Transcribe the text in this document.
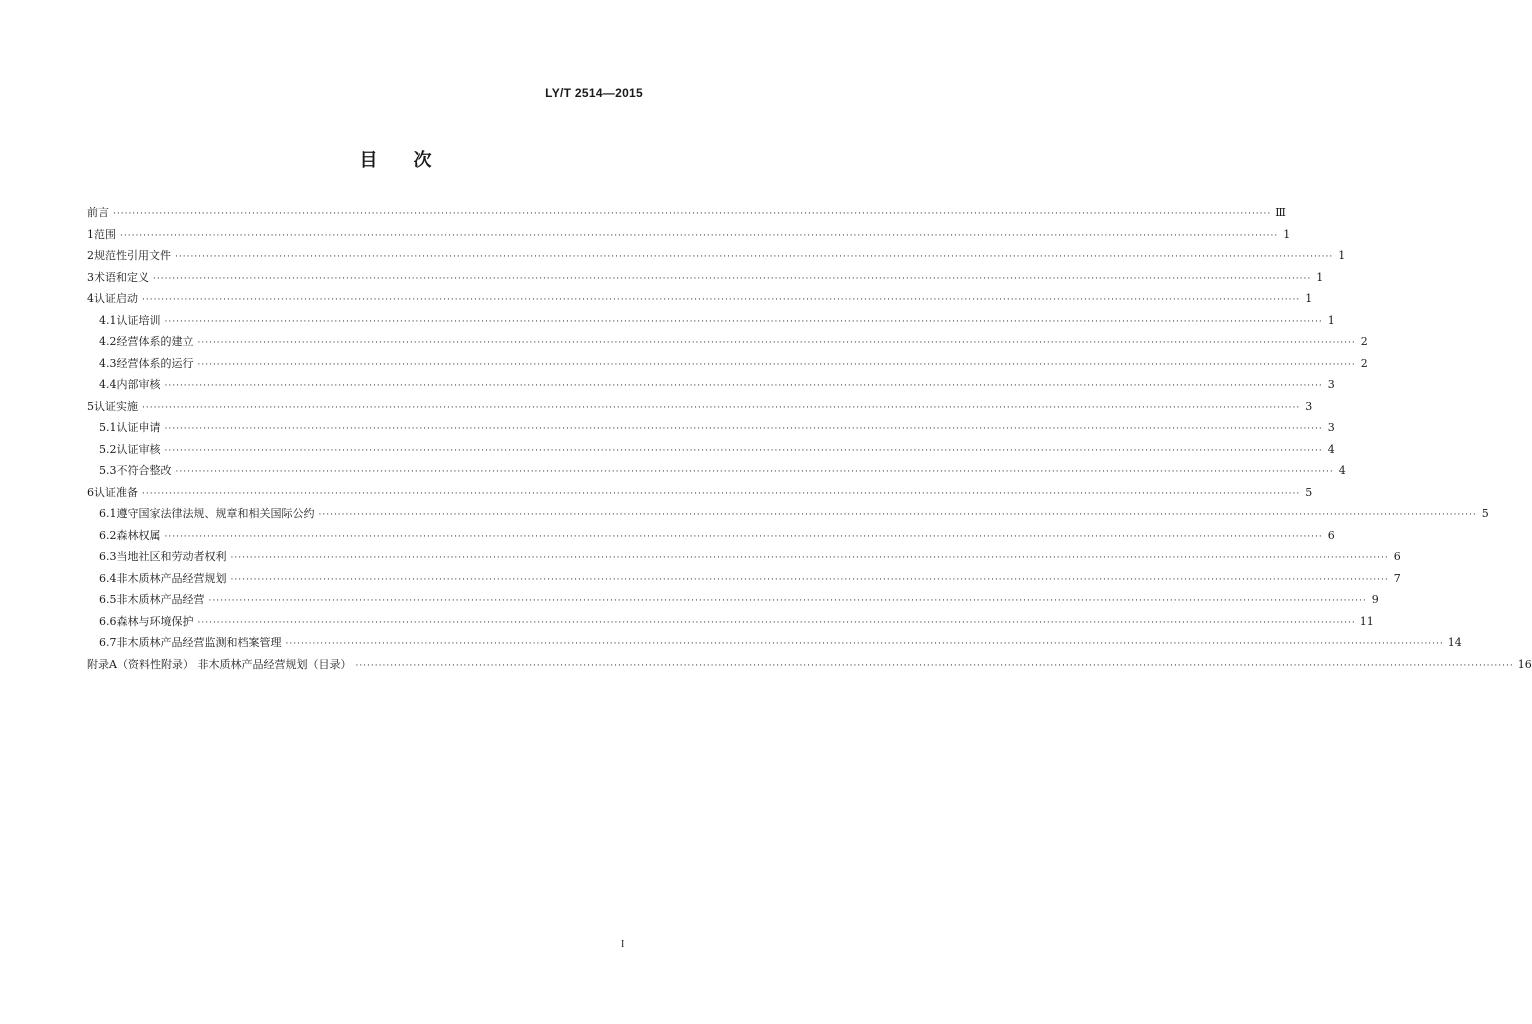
LY/T 2514—2015
目次
前言 ············································································································································································································································································································ Ⅲ
1 范围 ············································································································································································································································································································ 1
2 规范性引用文件 ············································································································································································································································································································ 1
3 术语和定义 ············································································································································································································································································································ 1
4 认证启动 ············································································································································································································································································································ 1
4.1 认证培训 ············································································································································································································································································································ 1
4.2 经营体系的建立 ············································································································································································································································································································ 2
4.3 经营体系的运行 ············································································································································································································································································································ 2
4.4 内部审核 ············································································································································································································································································································ 3
5 认证实施 ············································································································································································································································································································ 3
5.1 认证申请 ············································································································································································································································································································ 3
5.2 认证审核 ············································································································································································································································································································ 4
5.3 不符合整改 ············································································································································································································································································································ 4
6 认证准备 ············································································································································································································································································································ 5
6.1 遵守国家法律法规、规章和相关国际公约 ············································································································································································································································································································ 5
6.2 森林权属 ············································································································································································································································································································ 6
6.3 当地社区和劳动者权利 ············································································································································································································································································································ 6
6.4 非木质林产品经营规划 ············································································································································································································································································································ 7
6.5 非木质林产品经营 ············································································································································································································································································································ 9
6.6 森林与环境保护 ············································································································································································································································································································ 11
6.7 非木质林产品经营监测和档案管理 ············································································································································································································································································································ 14
附录A（资料性附录） 非木质林产品经营规划（目录） ············································································································································································································································································································ 16
I
